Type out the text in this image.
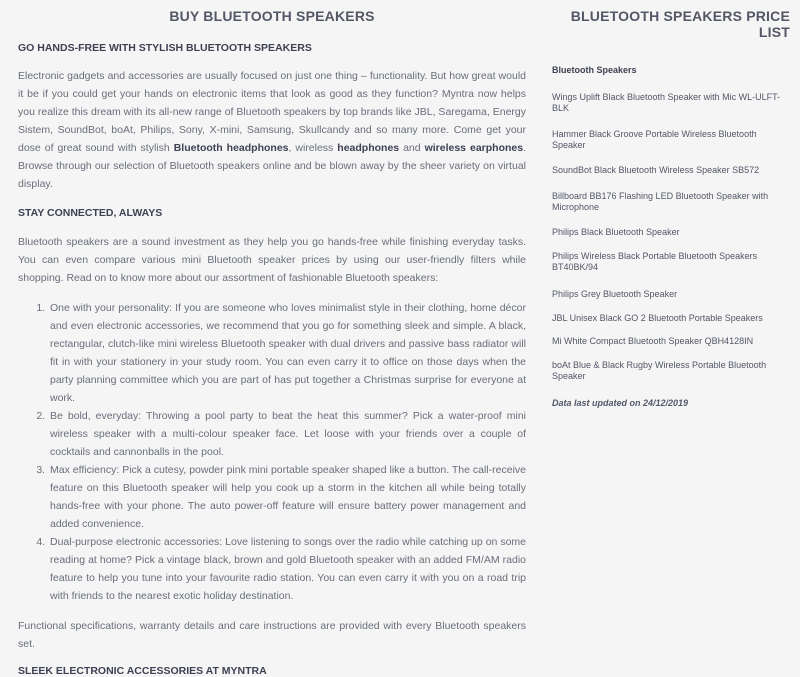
BUY BLUETOOTH SPEAKERS
GO HANDS-FREE WITH STYLISH BLUETOOTH SPEAKERS

Electronic gadgets and accessories are usually focused on just one thing – functionality. But how great would it be if you could get your hands on electronic items that look as good as they function? Myntra now helps you realize this dream with its all-new range of Bluetooth speakers by top brands like JBL, Saregama, Energy Sistem, SoundBot, boAt, Philips, Sony, X-mini, Samsung, Skullcandy and so many more. Come get your dose of great sound with stylish Bluetooth headphones, wireless headphones and wireless earphones. Browse through our selection of Bluetooth speakers online and be blown away by the sheer variety on virtual display.

STAY CONNECTED, ALWAYS

Bluetooth speakers are a sound investment as they help you go hands-free while finishing everyday tasks. You can even compare various mini Bluetooth speaker prices by using our user-friendly filters while shopping. Read on to know more about our assortment of fashionable Bluetooth speakers:

1. One with your personality: If you are someone who loves minimalist style in their clothing, home décor and even electronic accessories, we recommend that you go for something sleek and simple. A black, rectangular, clutch-like mini wireless Bluetooth speaker with dual drivers and passive bass radiator will fit in with your stationery in your study room. You can even carry it to office on those days when the party planning committee which you are part of has put together a Christmas surprise for everyone at work.
2. Be bold, everyday: Throwing a pool party to beat the heat this summer? Pick a water-proof mini wireless speaker with a multi-colour speaker face. Let loose with your friends over a couple of cocktails and cannonballs in the pool.
3. Max efficiency: Pick a cutesy, powder pink mini portable speaker shaped like a button. The call-receive feature on this Bluetooth speaker will help you cook up a storm in the kitchen all while being totally hands-free with your phone. The auto power-off feature will ensure battery power management and added convenience.
4. Dual-purpose electronic accessories: Love listening to songs over the radio while catching up on some reading at home? Pick a vintage black, brown and gold Bluetooth speaker with an added FM/AM radio feature to help you tune into your favourite radio station. You can even carry it with you on a road trip with friends to the nearest exotic holiday destination.

Functional specifications, warranty details and care instructions are provided with every Bluetooth speakers set.

SLEEK ELECTRONIC ACCESSORIES AT MYNTRA
BLUETOOTH SPEAKERS PRICE LIST
Bluetooth Speakers
Wings Uplift Black Bluetooth Speaker with Mic WL-ULFT-BLK
Hammer Black Groove Portable Wireless Bluetooth Speaker
SoundBot Black Bluetooth Wireless Speaker SB572
Billboard BB176 Flashing LED Bluetooth Speaker with Microphone
Philips Black Bluetooth Speaker
Philips Wireless Black Portable Bluetooth Speakers BT40BK/94
Philips Grey Bluetooth Speaker
JBL Unisex Black GO 2 Bluetooth Portable Speakers
Mi White Compact Bluetooth Speaker QBH4128IN
boAt Blue & Black Rugby Wireless Portable Bluetooth Speaker
Data last updated on 24/12/2019
